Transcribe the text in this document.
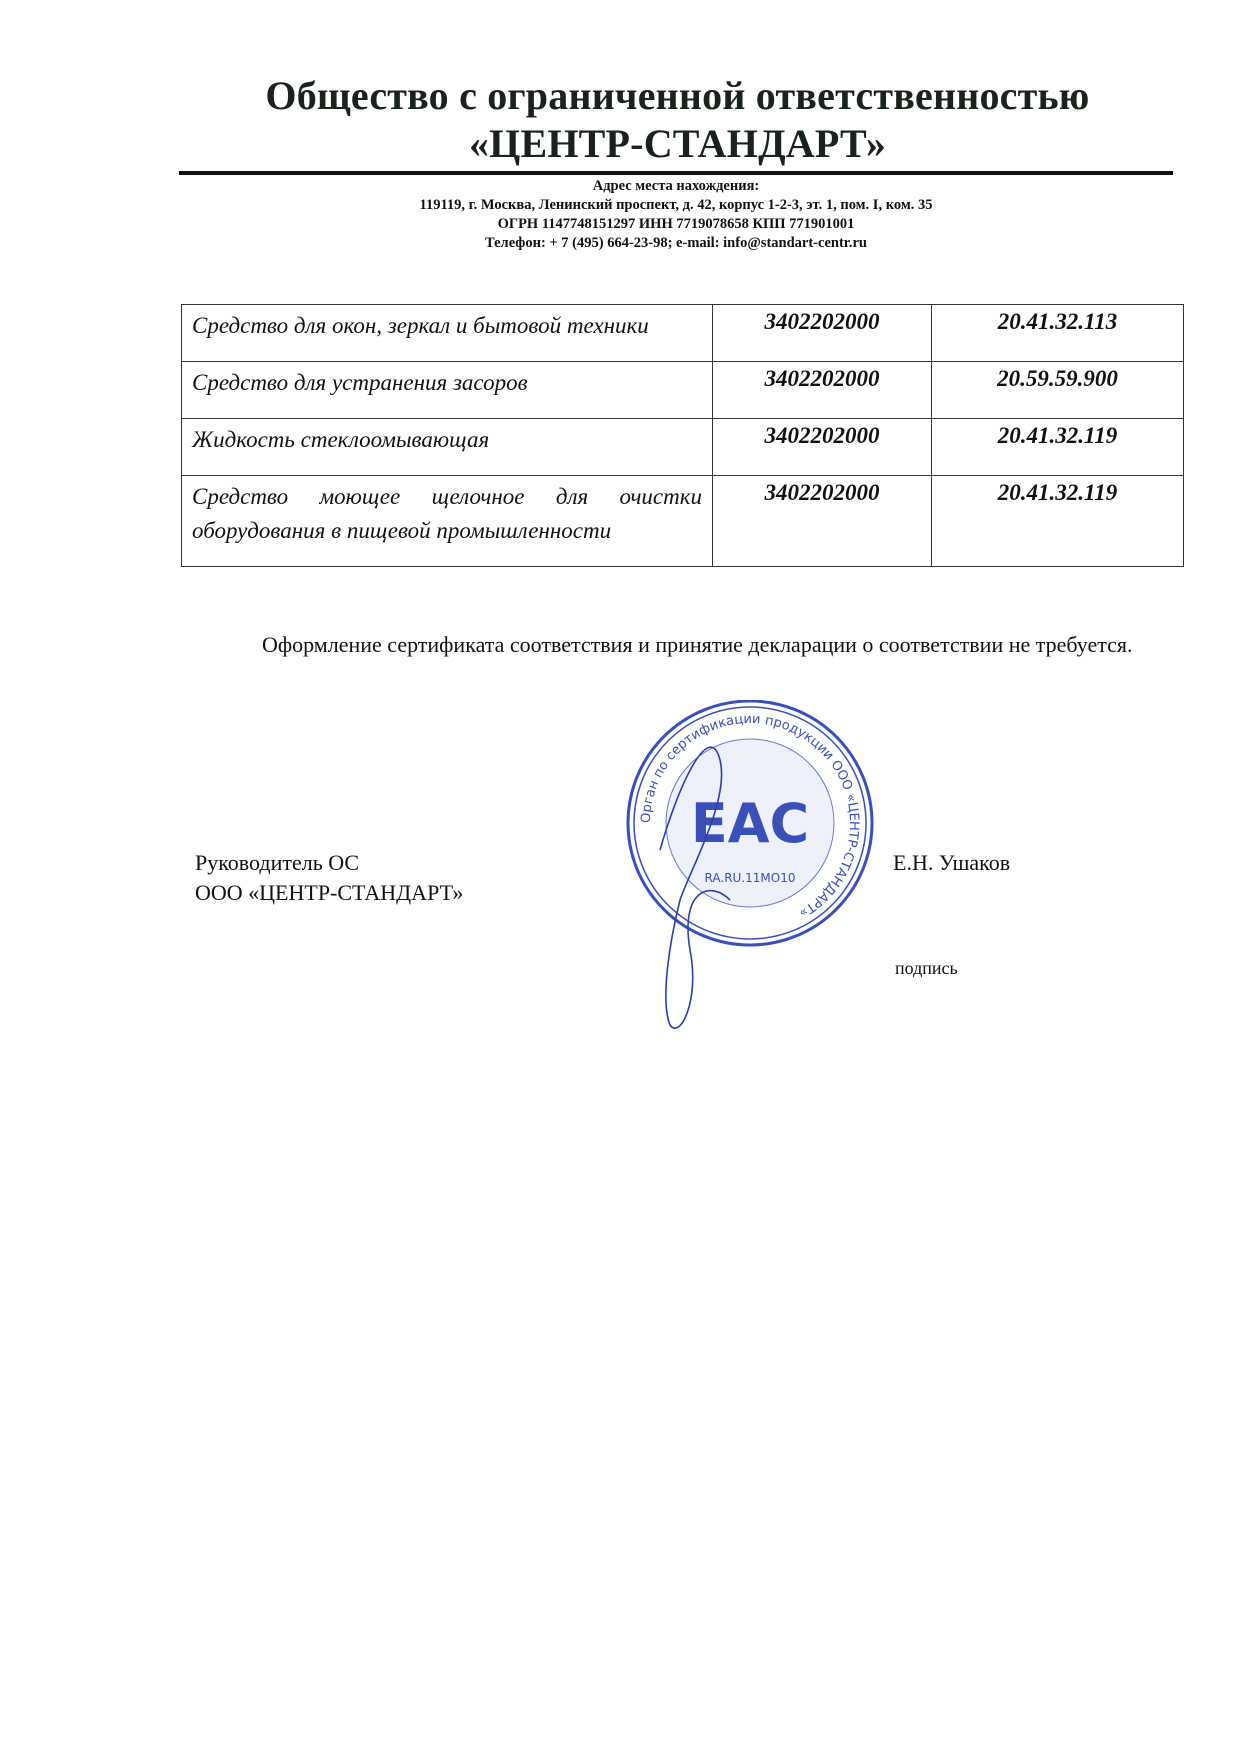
Общество с ограниченной ответственностью
«ЦЕНТР-СТАНДАРТ»
Адрес места нахождения:
119119, г. Москва, Ленинский проспект, д. 42, корпус 1-2-3, эт. 1, пом. I, ком. 35
ОГРН 1147748151297 ИНН 7719078658 КПП 771901001
Телефон: + 7 (495) 664-23-98; e-mail: info@standart-centr.ru
Средство для окон, зеркал и бытовой техники	3402202000	20.41.32.113
Средство для устранения засоров	3402202000	20.59.59.900
Жидкость стеклоомывающая	3402202000	20.41.32.119
Средство моющее щелочное для очистки оборудования в пищевой промышленности	3402202000	20.41.32.119
Оформление сертификата соответствия и принятие декларации о соответствии не требуется.
Орган по сертификации продукции ООО «ЦЕНТР-СТАНДАРТ»
ЕАС
RA.RU.11МО10
Руководитель ОС
ООО «ЦЕНТР-СТАНДАРТ»
подпись
Е.Н. Ушаков
